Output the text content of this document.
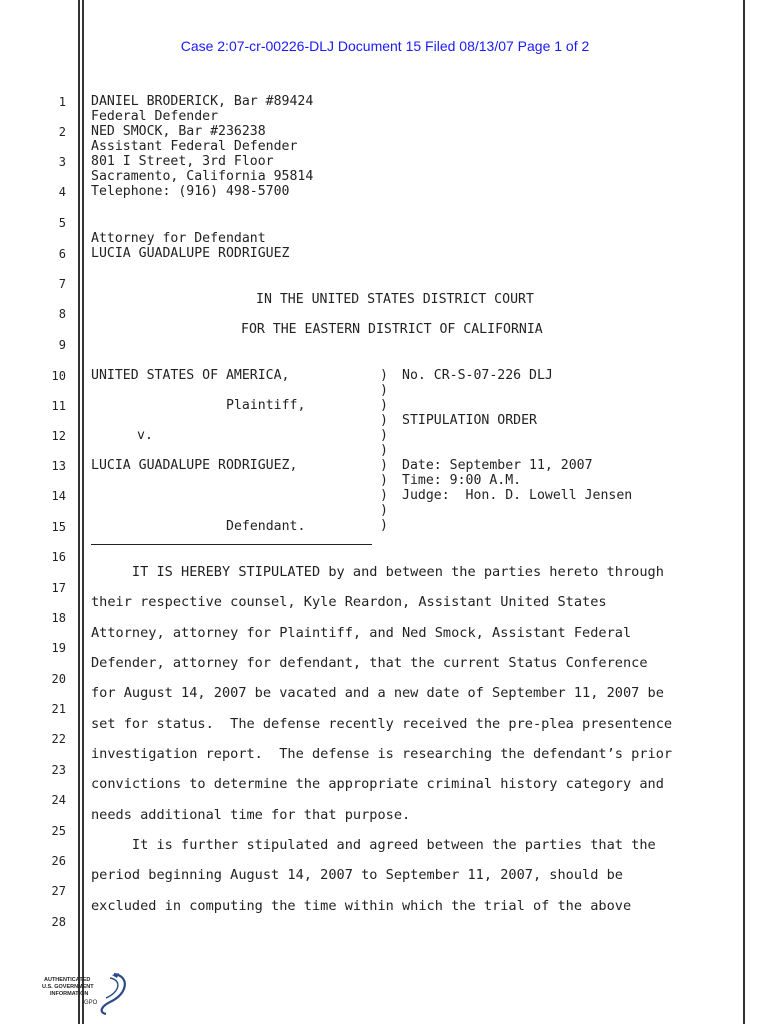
Case 2:07-cr-00226-DLJ Document 15 Filed 08/13/07 Page 1 of 2
1
2
3
4
5
6
7
8
9
10
11
12
13
14
15
16
17
18
19
20
21
22
23
24
25
26
27
28
DANIEL BRODERICK, Bar #89424
Federal Defender
NED SMOCK, Bar #236238
Assistant Federal Defender
801 I Street, 3rd Floor
Sacramento, California 95814
Telephone: (916) 498-5700
Attorney for Defendant
LUCIA GUADALUPE RODRIGUEZ
IN THE UNITED STATES DISTRICT COURT
FOR THE EASTERN DISTRICT OF CALIFORNIA
UNITED STATES OF AMERICA,
Plaintiff,
v.
LUCIA GUADALUPE RODRIGUEZ,
Defendant.
)
)
)
)
)
)
)
)
)
)
)
No. CR-S-07-226 DLJ
STIPULATION ORDER
Date: September 11, 2007
Time: 9:00 A.M.
Judge:  Hon. D. Lowell Jensen
IT IS HEREBY STIPULATED by and between the parties hereto through
their respective counsel, Kyle Reardon, Assistant United States
Attorney, attorney for Plaintiff, and Ned Smock, Assistant Federal
Defender, attorney for defendant, that the current Status Conference
for August 14, 2007 be vacated and a new date of September 11, 2007 be
set for status.  The defense recently received the pre-plea presentence
investigation report.  The defense is researching the defendant’s prior
convictions to determine the appropriate criminal history category and
needs additional time for that purpose.
It is further stipulated and agreed between the parties that the
period beginning August 14, 2007 to September 11, 2007, should be
excluded in computing the time within which the trial of the above
AUTHENTICATED
U.S. GOVERNMENT
INFORMATION
GPO
